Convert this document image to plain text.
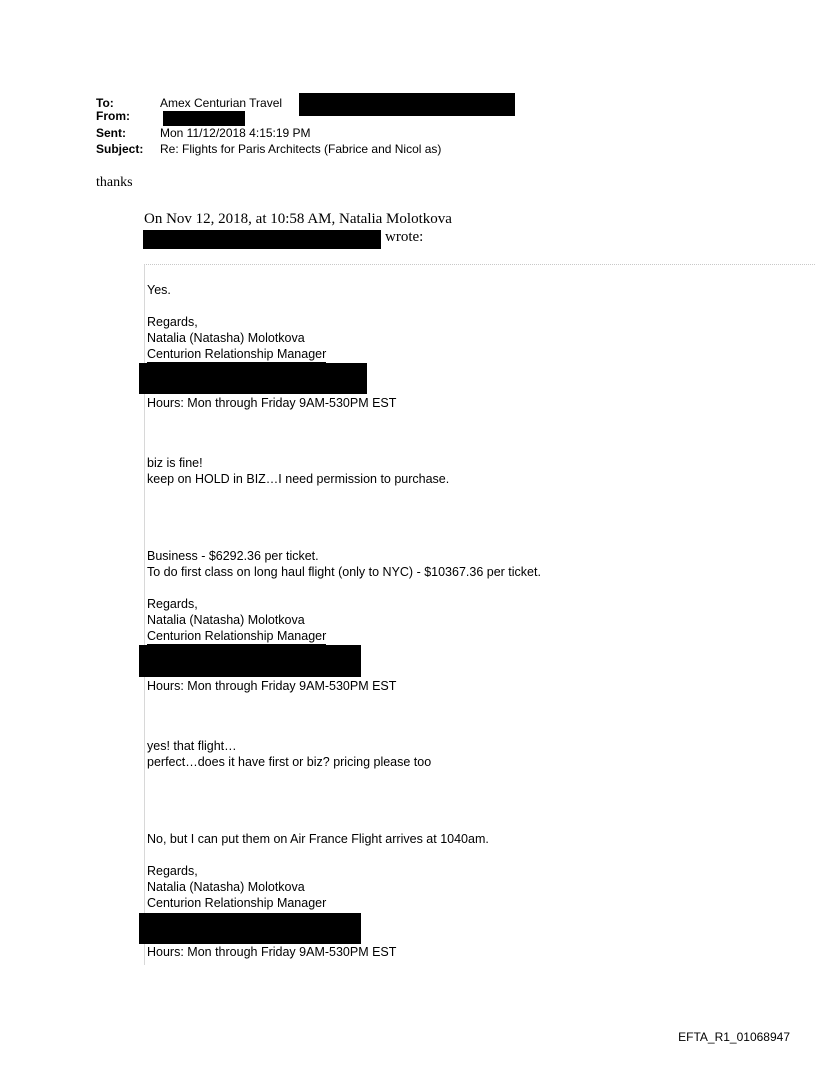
To:	Amex Centurian Travel
From:
Sent:	Mon 11/12/2018 4:15:19 PM
Subject: Re: Flights for Paris Architects (Fabrice and Nicol as)
thanks
On Nov 12, 2018, at 10:58 AM, Natalia Molotkova
wrote:
Yes.
Regards,
Natalia (Natasha) Molotkova
Centurion Relationship Manager
Hours: Mon through Friday 9AM-530PM EST
biz is fine!
keep on HOLD in BIZ…I need permission to purchase.
Business - $6292.36 per ticket.
To do first class on long haul flight (only to NYC) - $10367.36 per ticket.
Regards,
Natalia (Natasha) Molotkova
Centurion Relationship Manager
Hours: Mon through Friday 9AM-530PM EST
yes! that flight…
perfect…does it have first or biz? pricing please too
No, but I can put them on Air France Flight arrives at 1040am.
Regards,
Natalia (Natasha) Molotkova
Centurion Relationship Manager
Hours: Mon through Friday 9AM-530PM EST
EFTA_R1_01068947
